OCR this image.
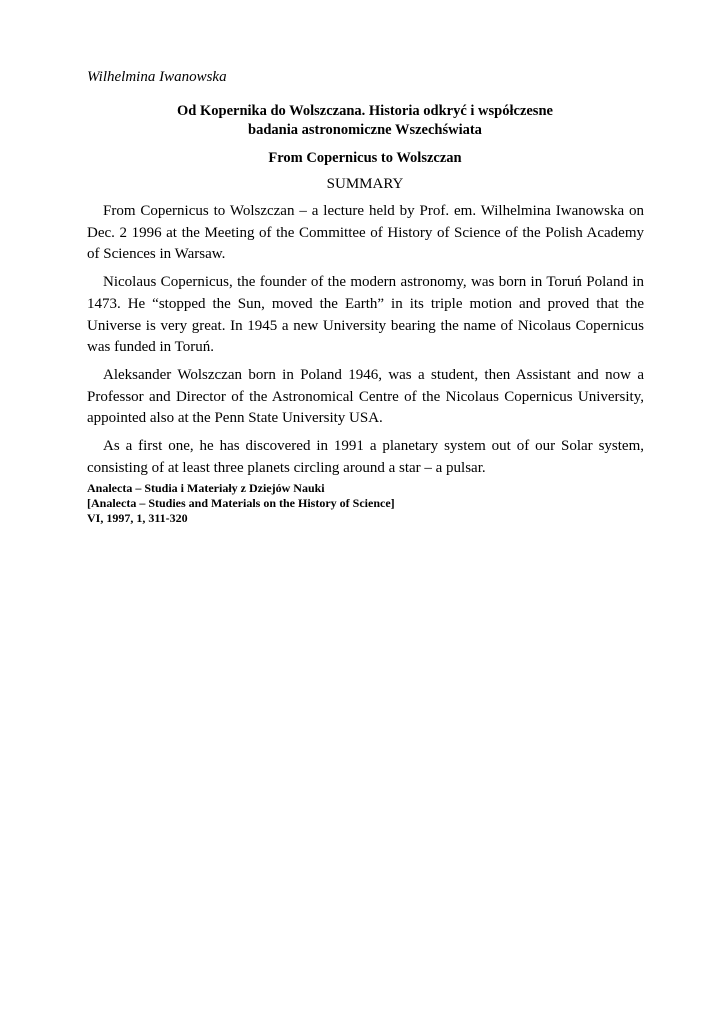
Wilhelmina Iwanowska
Od Kopernika do Wolszczana. Historia odkryć i współczesne
badania astronomiczne Wszechświata
From Copernicus to Wolszczan
SUMMARY

From Copernicus to Wolszczan – a lecture held by Prof. em. Wilhelmina Iwanowska on Dec. 2 1996 at the Meeting of the Committee of History of Science of the Polish Academy of Sciences in Warsaw.

Nicolaus Copernicus, the founder of the modern astronomy, was born in Toruń Poland in 1473. He “stopped the Sun, moved the Earth” in its triple motion and proved that the Universe is very great. In 1945 a new University bearing the name of Nicolaus Copernicus was funded in Toruń.

Aleksander Wolszczan born in Poland 1946, was a student, then Assistant and now a Professor and Director of the Astronomical Centre of the Nicolaus Copernicus University, appointed also at the Penn State University USA.

As a first one, he has discovered in 1991 a planetary system out of our Solar system, consisting of at least three planets circling around a star – a pulsar.

Analecta – Studia i Materiały z Dziejów Nauki
[Analecta – Studies and Materials on the History of Science]
VI, 1997, 1, 311-320
